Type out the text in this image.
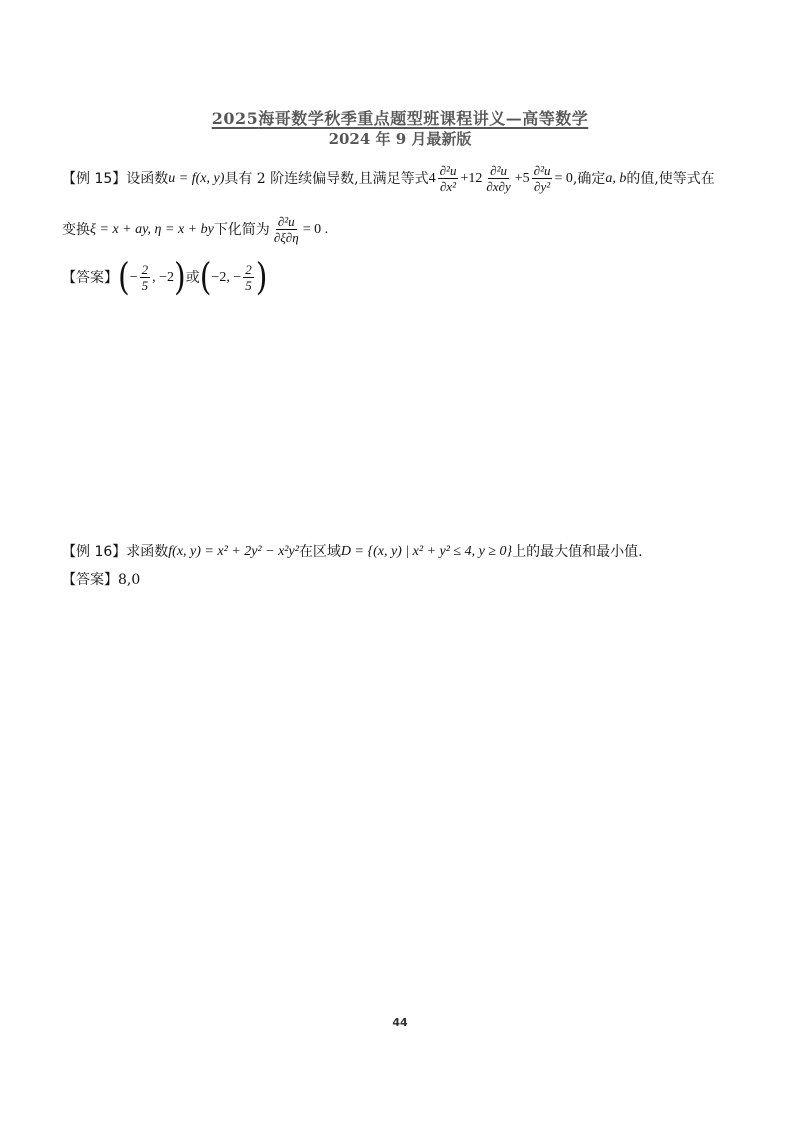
2025海哥数学秋季重点题型班课程讲义—高等数学
2024 年 9 月最新版
【例 15】 设函数 u = f(x, y) 具有 2 阶连续偏导数,且满足等式 $4 \frac{\text{∂²u}}{\text{∂x²}} +12 \frac{\text{∂²u}}{\partial x\partial y} +5 \frac{\text{∂²u}}{\text{∂y²}} = 0$ ,确定 a, b 的值,使等式在
变换 ξ = x + ay, η = x + by 下化简为 $\frac{\text{∂²u}}{\partial\xi\partial\eta} = 0$ .
【答案】 ( − $\frac{2}{5}$ , −2 ) 或 ( −2, − $\frac{2}{5}$ )
【例 16】 求函数 f(x, y) = x² + 2y² − x²y² 在区域 D = {(x, y) | x² + y² ≤ 4, y ≥ 0} 上的最大值和最小值.
【答案】 8,0
44
